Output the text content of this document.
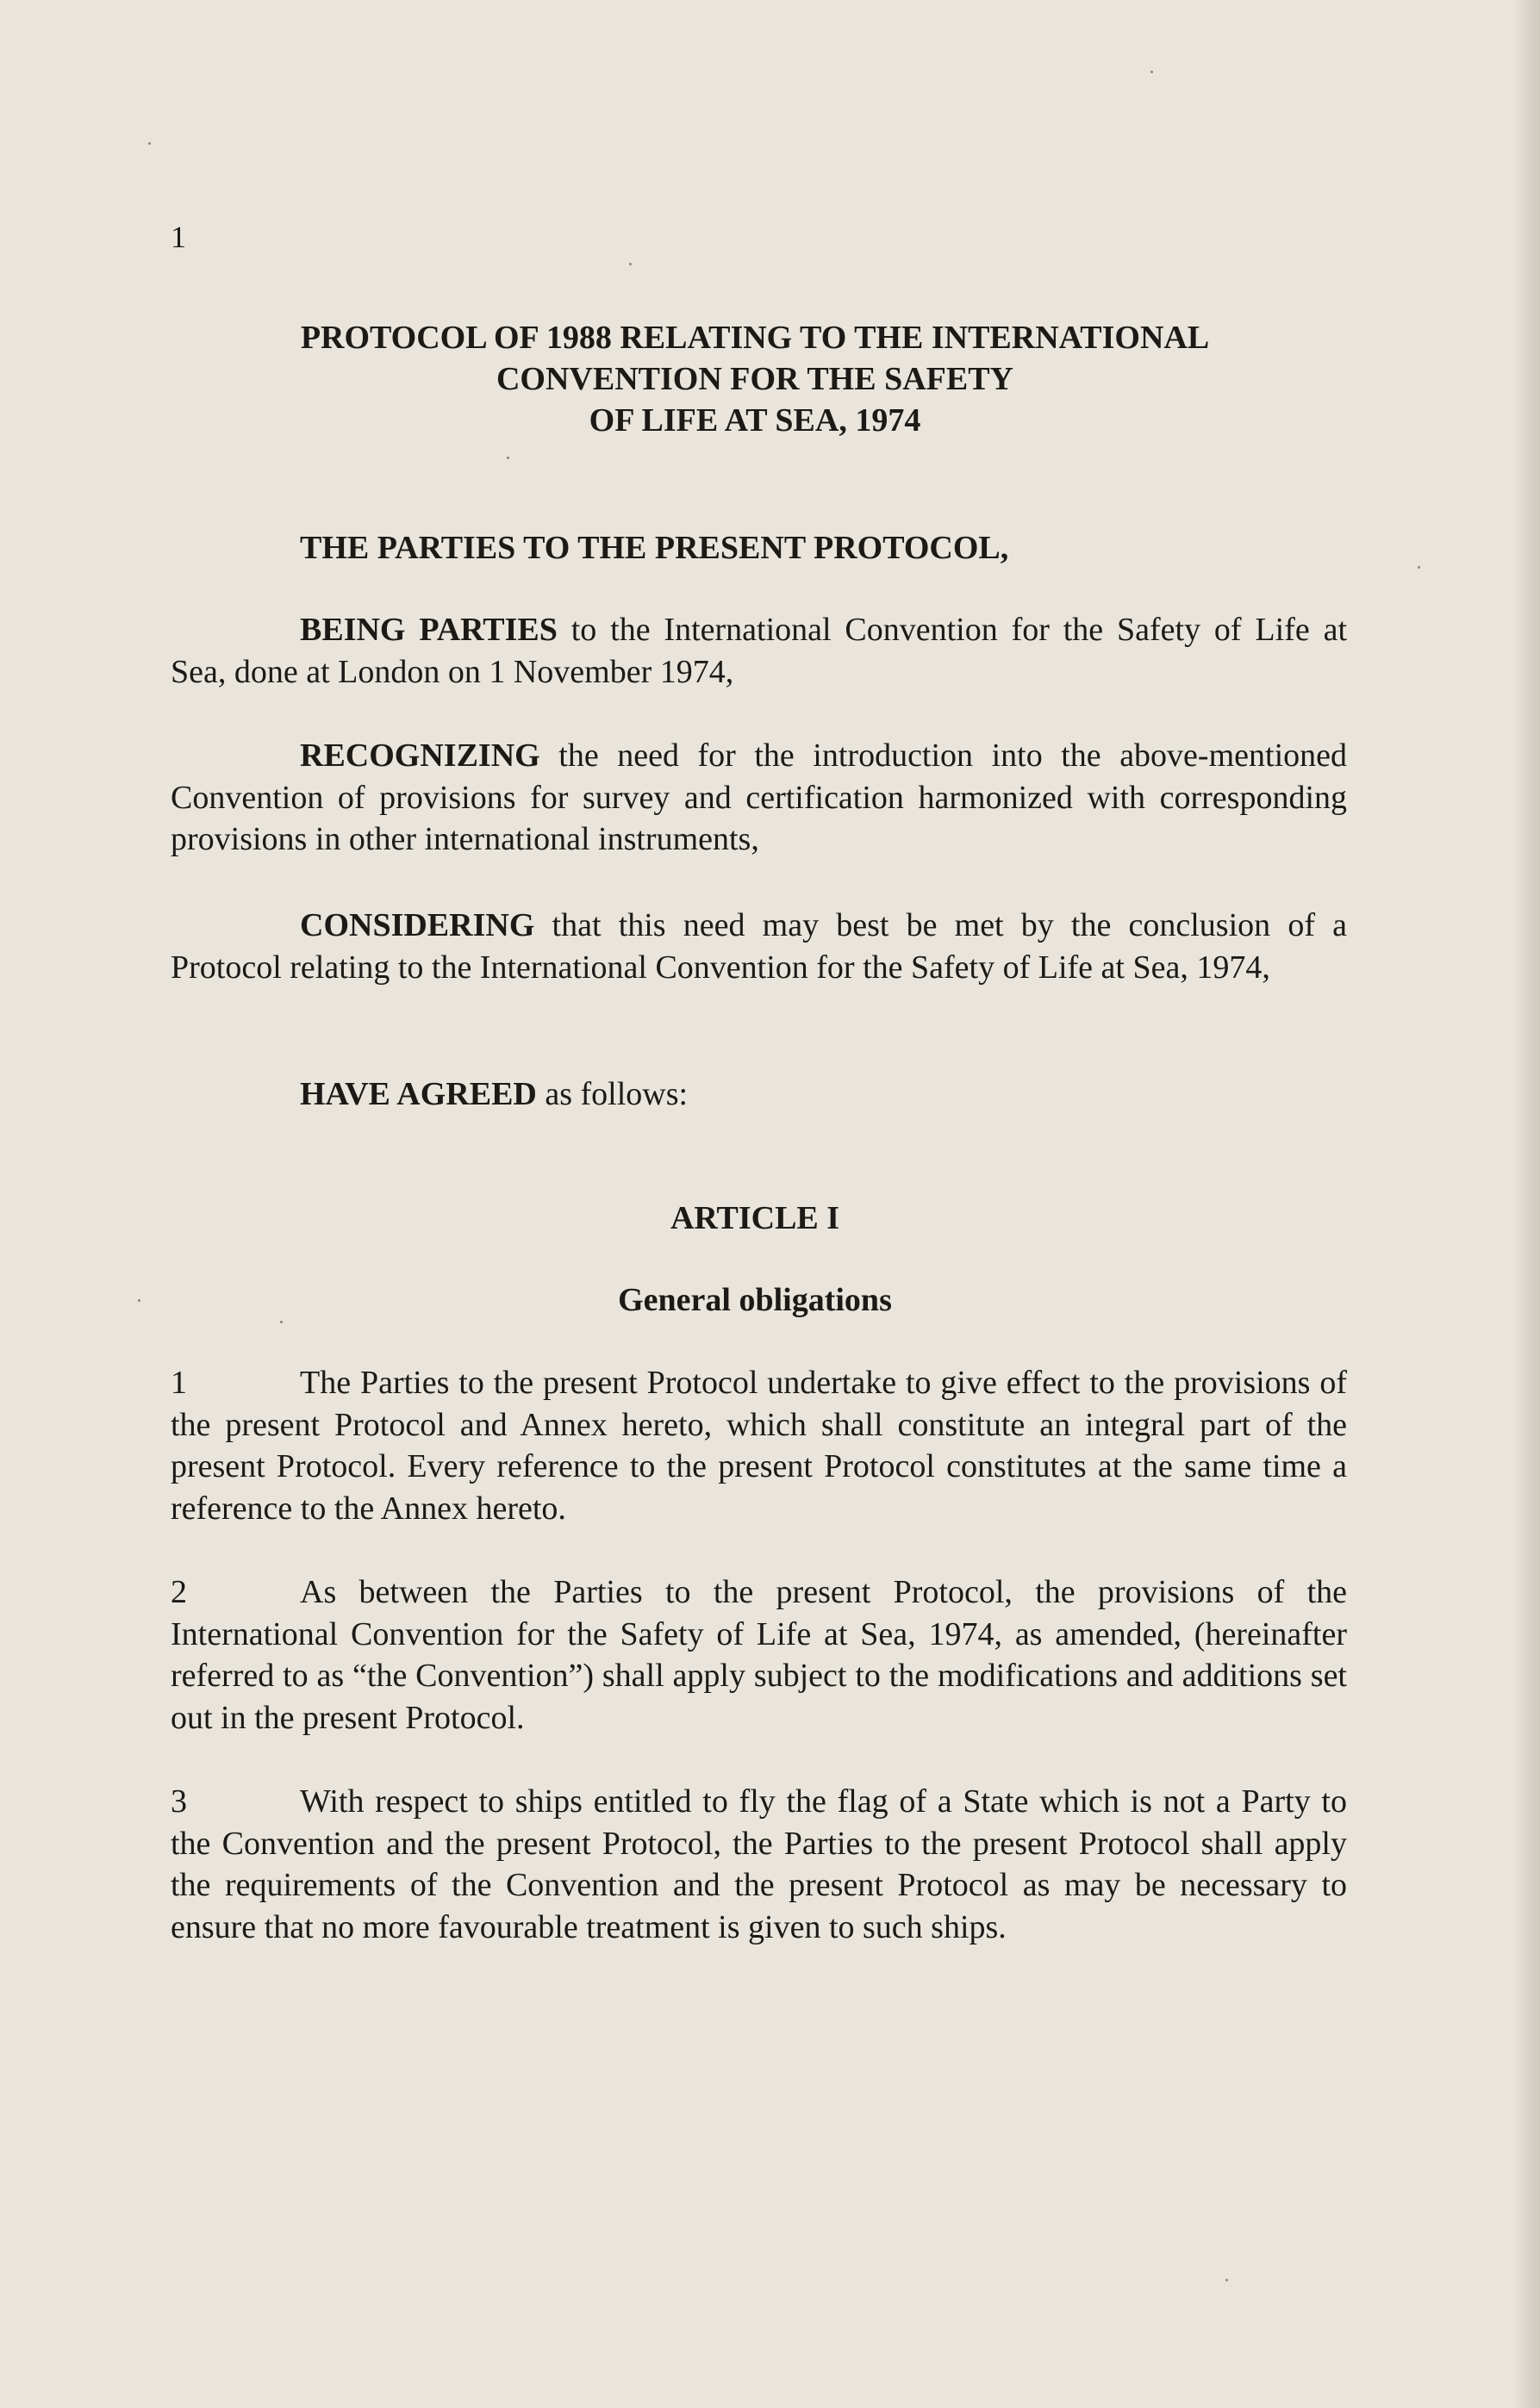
1
PROTOCOL OF 1988 RELATING TO THE INTERNATIONAL
CONVENTION FOR THE SAFETY
OF LIFE AT SEA, 1974
THE PARTIES TO THE PRESENT PROTOCOL,
BEING PARTIES to the International Convention for the Safety of Life at Sea, done at London on 1 November 1974,
RECOGNIZING the need for the introduction into the above-mentioned Convention of provisions for survey and certification harmonized with corresponding provisions in other international instruments,
CONSIDERING that this need may best be met by the conclusion of a Protocol relating to the International Convention for the Safety of Life at Sea, 1974,
HAVE AGREED as follows:
ARTICLE I
General obligations
1	The Parties to the present Protocol undertake to give effect to the provisions of the present Protocol and Annex hereto, which shall constitute an integral part of the present Protocol. Every reference to the present Protocol constitutes at the same time a reference to the Annex hereto.
2	As between the Parties to the present Protocol, the provisions of the International Convention for the Safety of Life at Sea, 1974, as amended, (hereinafter referred to as “the Convention”) shall apply subject to the modifications and additions set out in the present Protocol.
3	With respect to ships entitled to fly the flag of a State which is not a Party to the Convention and the present Protocol, the Parties to the present Protocol shall apply the requirements of the Convention and the present Protocol as may be necessary to ensure that no more favourable treatment is given to such ships.
